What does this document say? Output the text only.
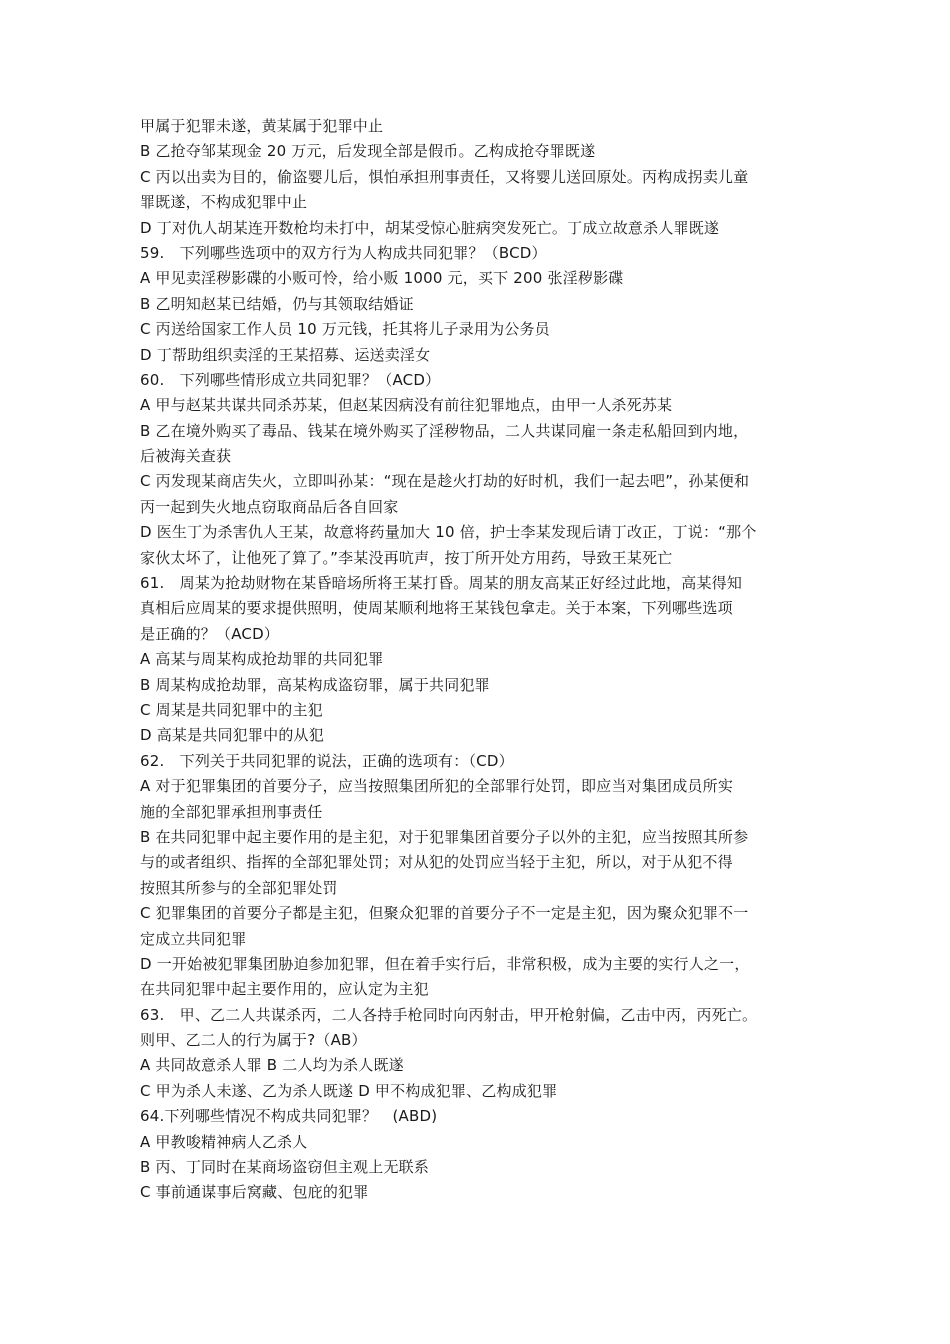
甲属于犯罪未遂，黄某属于犯罪中止
B 乙抢夺邹某现金 20 万元，后发现全部是假币。乙构成抢夺罪既遂
C 丙以出卖为目的，偷盗婴儿后，惧怕承担刑事责任，又将婴儿送回原处。丙构成拐卖儿童
罪既遂，不构成犯罪中止
D 丁对仇人胡某连开数枪均未打中，胡某受惊心脏病突发死亡。丁成立故意杀人罪既遂
59.　下列哪些选项中的双方行为人构成共同犯罪？（BCD）
A 甲见卖淫秽影碟的小贩可怜，给小贩 1000 元，买下 200 张淫秽影碟
B 乙明知赵某已结婚，仍与其领取结婚证
C 丙送给国家工作人员 10 万元钱，托其将儿子录用为公务员
D 丁帮助组织卖淫的王某招募、运送卖淫女
60.　下列哪些情形成立共同犯罪？（ACD）
A 甲与赵某共谋共同杀苏某，但赵某因病没有前往犯罪地点，由甲一人杀死苏某
B 乙在境外购买了毒品、钱某在境外购买了淫秽物品，二人共谋同雇一条走私船回到内地，
后被海关查获
C 丙发现某商店失火，立即叫孙某：“现在是趁火打劫的好时机，我们一起去吧”，孙某便和
丙一起到失火地点窃取商品后各自回家
D 医生丁为杀害仇人王某，故意将药量加大 10 倍，护士李某发现后请丁改正，丁说：“那个
家伙太坏了，让他死了算了。”李某没再吭声，按丁所开处方用药，导致王某死亡
61.　周某为抢劫财物在某昏暗场所将王某打昏。周某的朋友高某正好经过此地，高某得知
真相后应周某的要求提供照明，使周某顺利地将王某钱包拿走。关于本案，下列哪些选项
是正确的？（ACD）
A 高某与周某构成抢劫罪的共同犯罪
B 周某构成抢劫罪，高某构成盗窃罪，属于共同犯罪
C 周某是共同犯罪中的主犯
D 高某是共同犯罪中的从犯
62.　下列关于共同犯罪的说法，正确的选项有：（CD）
A 对于犯罪集团的首要分子，应当按照集团所犯的全部罪行处罚，即应当对集团成员所实
施的全部犯罪承担刑事责任
B 在共同犯罪中起主要作用的是主犯，对于犯罪集团首要分子以外的主犯，应当按照其所参
与的或者组织、指挥的全部犯罪处罚；对从犯的处罚应当轻于主犯，所以，对于从犯不得
按照其所参与的全部犯罪处罚
C 犯罪集团的首要分子都是主犯，但聚众犯罪的首要分子不一定是主犯，因为聚众犯罪不一
定成立共同犯罪
D 一开始被犯罪集团胁迫参加犯罪，但在着手实行后，非常积极，成为主要的实行人之一，
在共同犯罪中起主要作用的，应认定为主犯
63.　甲、乙二人共谋杀丙，二人各持手枪同时向丙射击，甲开枪射偏，乙击中丙，丙死亡。
则甲、乙二人的行为属于?（AB）
A 共同故意杀人罪 B 二人均为杀人既遂
C 甲为杀人未遂、乙为杀人既遂 D 甲不构成犯罪、乙构成犯罪
64.下列哪些情况不构成共同犯罪？　(ABD)
A 甲教唆精神病人乙杀人
B 丙、丁同时在某商场盗窃但主观上无联系
C 事前通谋事后窝藏、包庇的犯罪
